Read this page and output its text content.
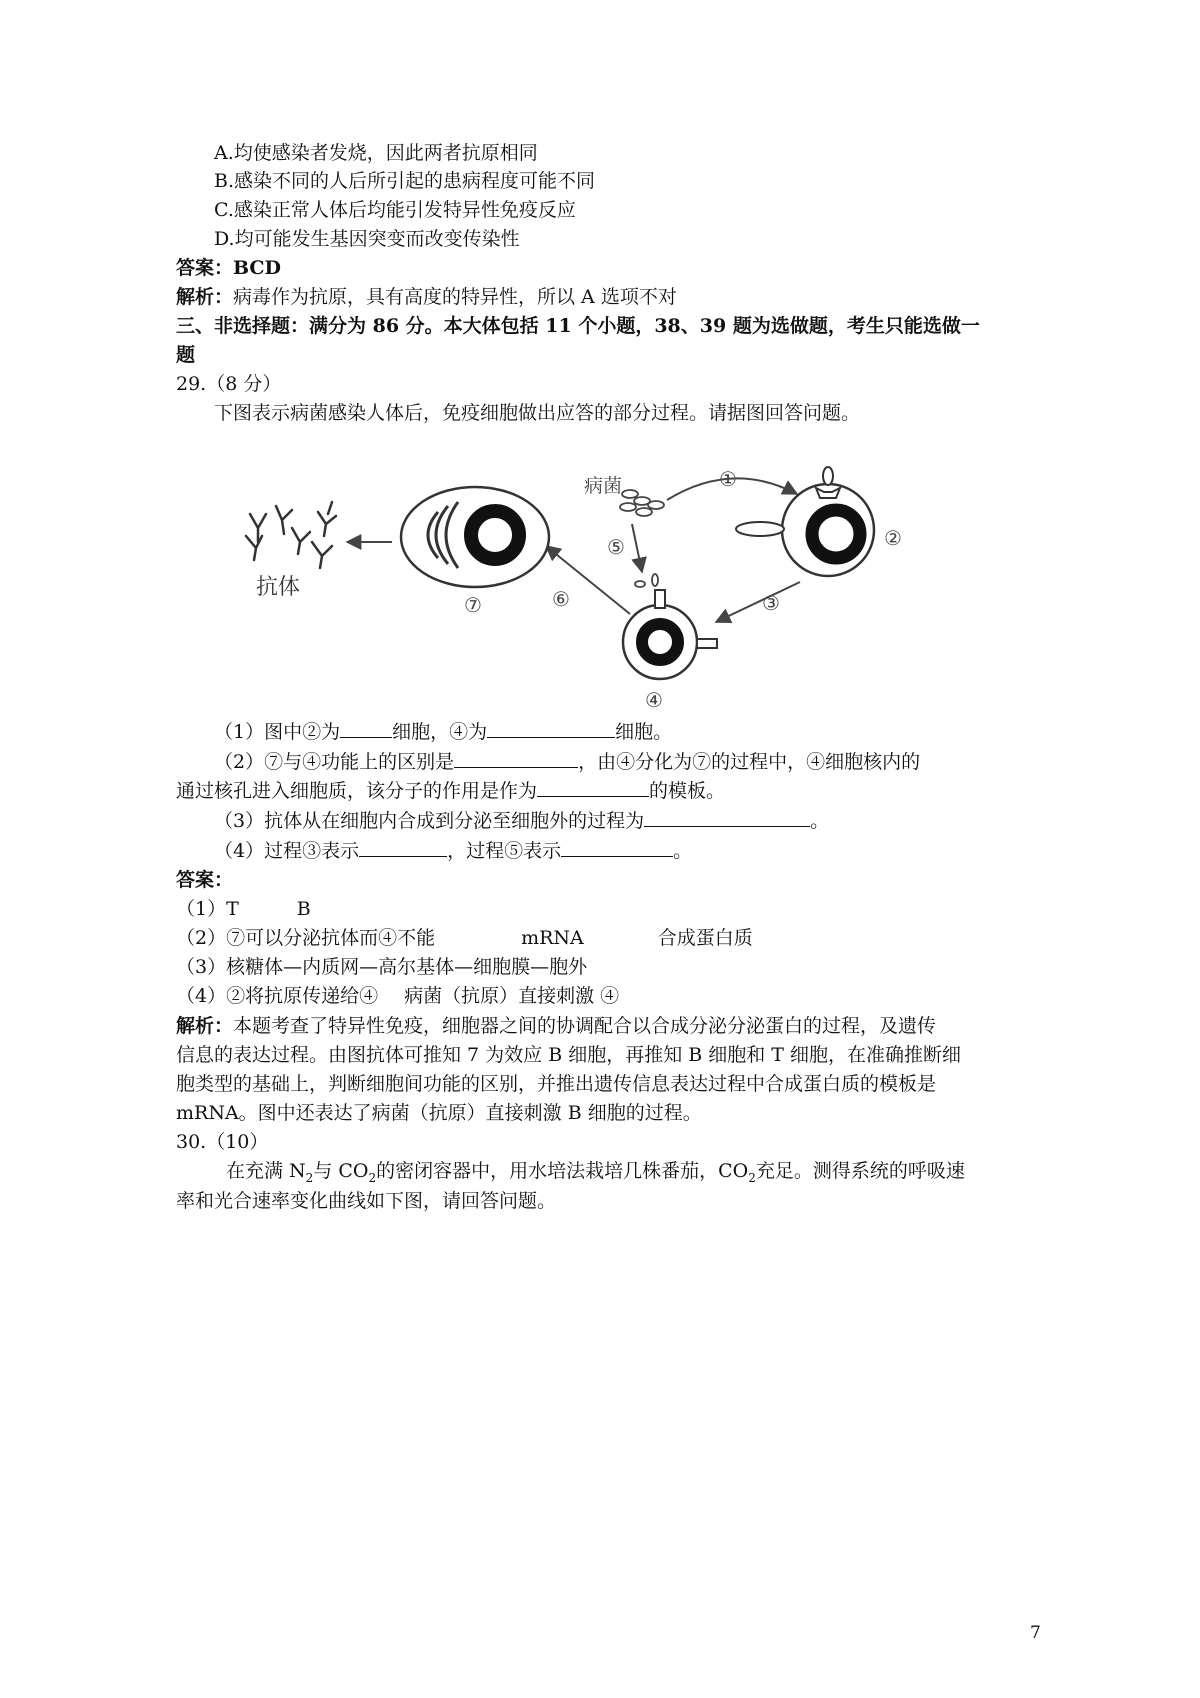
A.均使感染者发烧，因此两者抗原相同
B.感染不同的人后所引起的患病程度可能不同
C.感染正常人体后均能引发特异性免疫反应
D.均可能发生基因突变而改变传染性
答案：BCD
解析：病毒作为抗原，具有高度的特异性，所以 A 选项不对
三、非选择题：满分为 86 分。本大体包括 11 个小题，38、39 题为选做题，考生只能选做一
题
29.（8 分）
下图表示病菌感染人体后，免疫细胞做出应答的部分过程。请据图回答问题。
病菌	①
②
③
⑤
④
⑥
⑦
抗体
（1）图中②为	细胞，④为	细胞。
（2）⑦与④功能上的区别是	，由④分化为⑦的过程中，④细胞核内的
通过核孔进入细胞质，该分子的作用是作为	的模板。
（3）抗体从在细胞内合成到分泌至细胞外的过程为	。
（4）过程③表示	，过程⑤表示	。
答案：
（1）T	B
（2）⑦可以分泌抗体而④不能	mRNA	合成蛋白质
（3）核糖体—内质网—高尔基体—细胞膜—胞外
（4）②将抗原传递给④ 病菌（抗原）直接刺激 ④
解析：本题考查了特异性免疫，细胞器之间的协调配合以合成分泌分泌蛋白的过程，及遗传
信息的表达过程。由图抗体可推知 7 为效应 B 细胞，再推知 B 细胞和 T 细胞，在准确推断细
胞类型的基础上，判断细胞间功能的区别，并推出遗传信息表达过程中合成蛋白质的模板是
mRNA。图中还表达了病菌（抗原）直接刺激 B 细胞的过程。
30.（10）
在充满 $N_2$与 $CO_2$的密闭容器中，用水培法栽培几株番茄，$CO_2$充足。测得系统的呼吸速
率和光合速率变化曲线如下图，请回答问题。
7
